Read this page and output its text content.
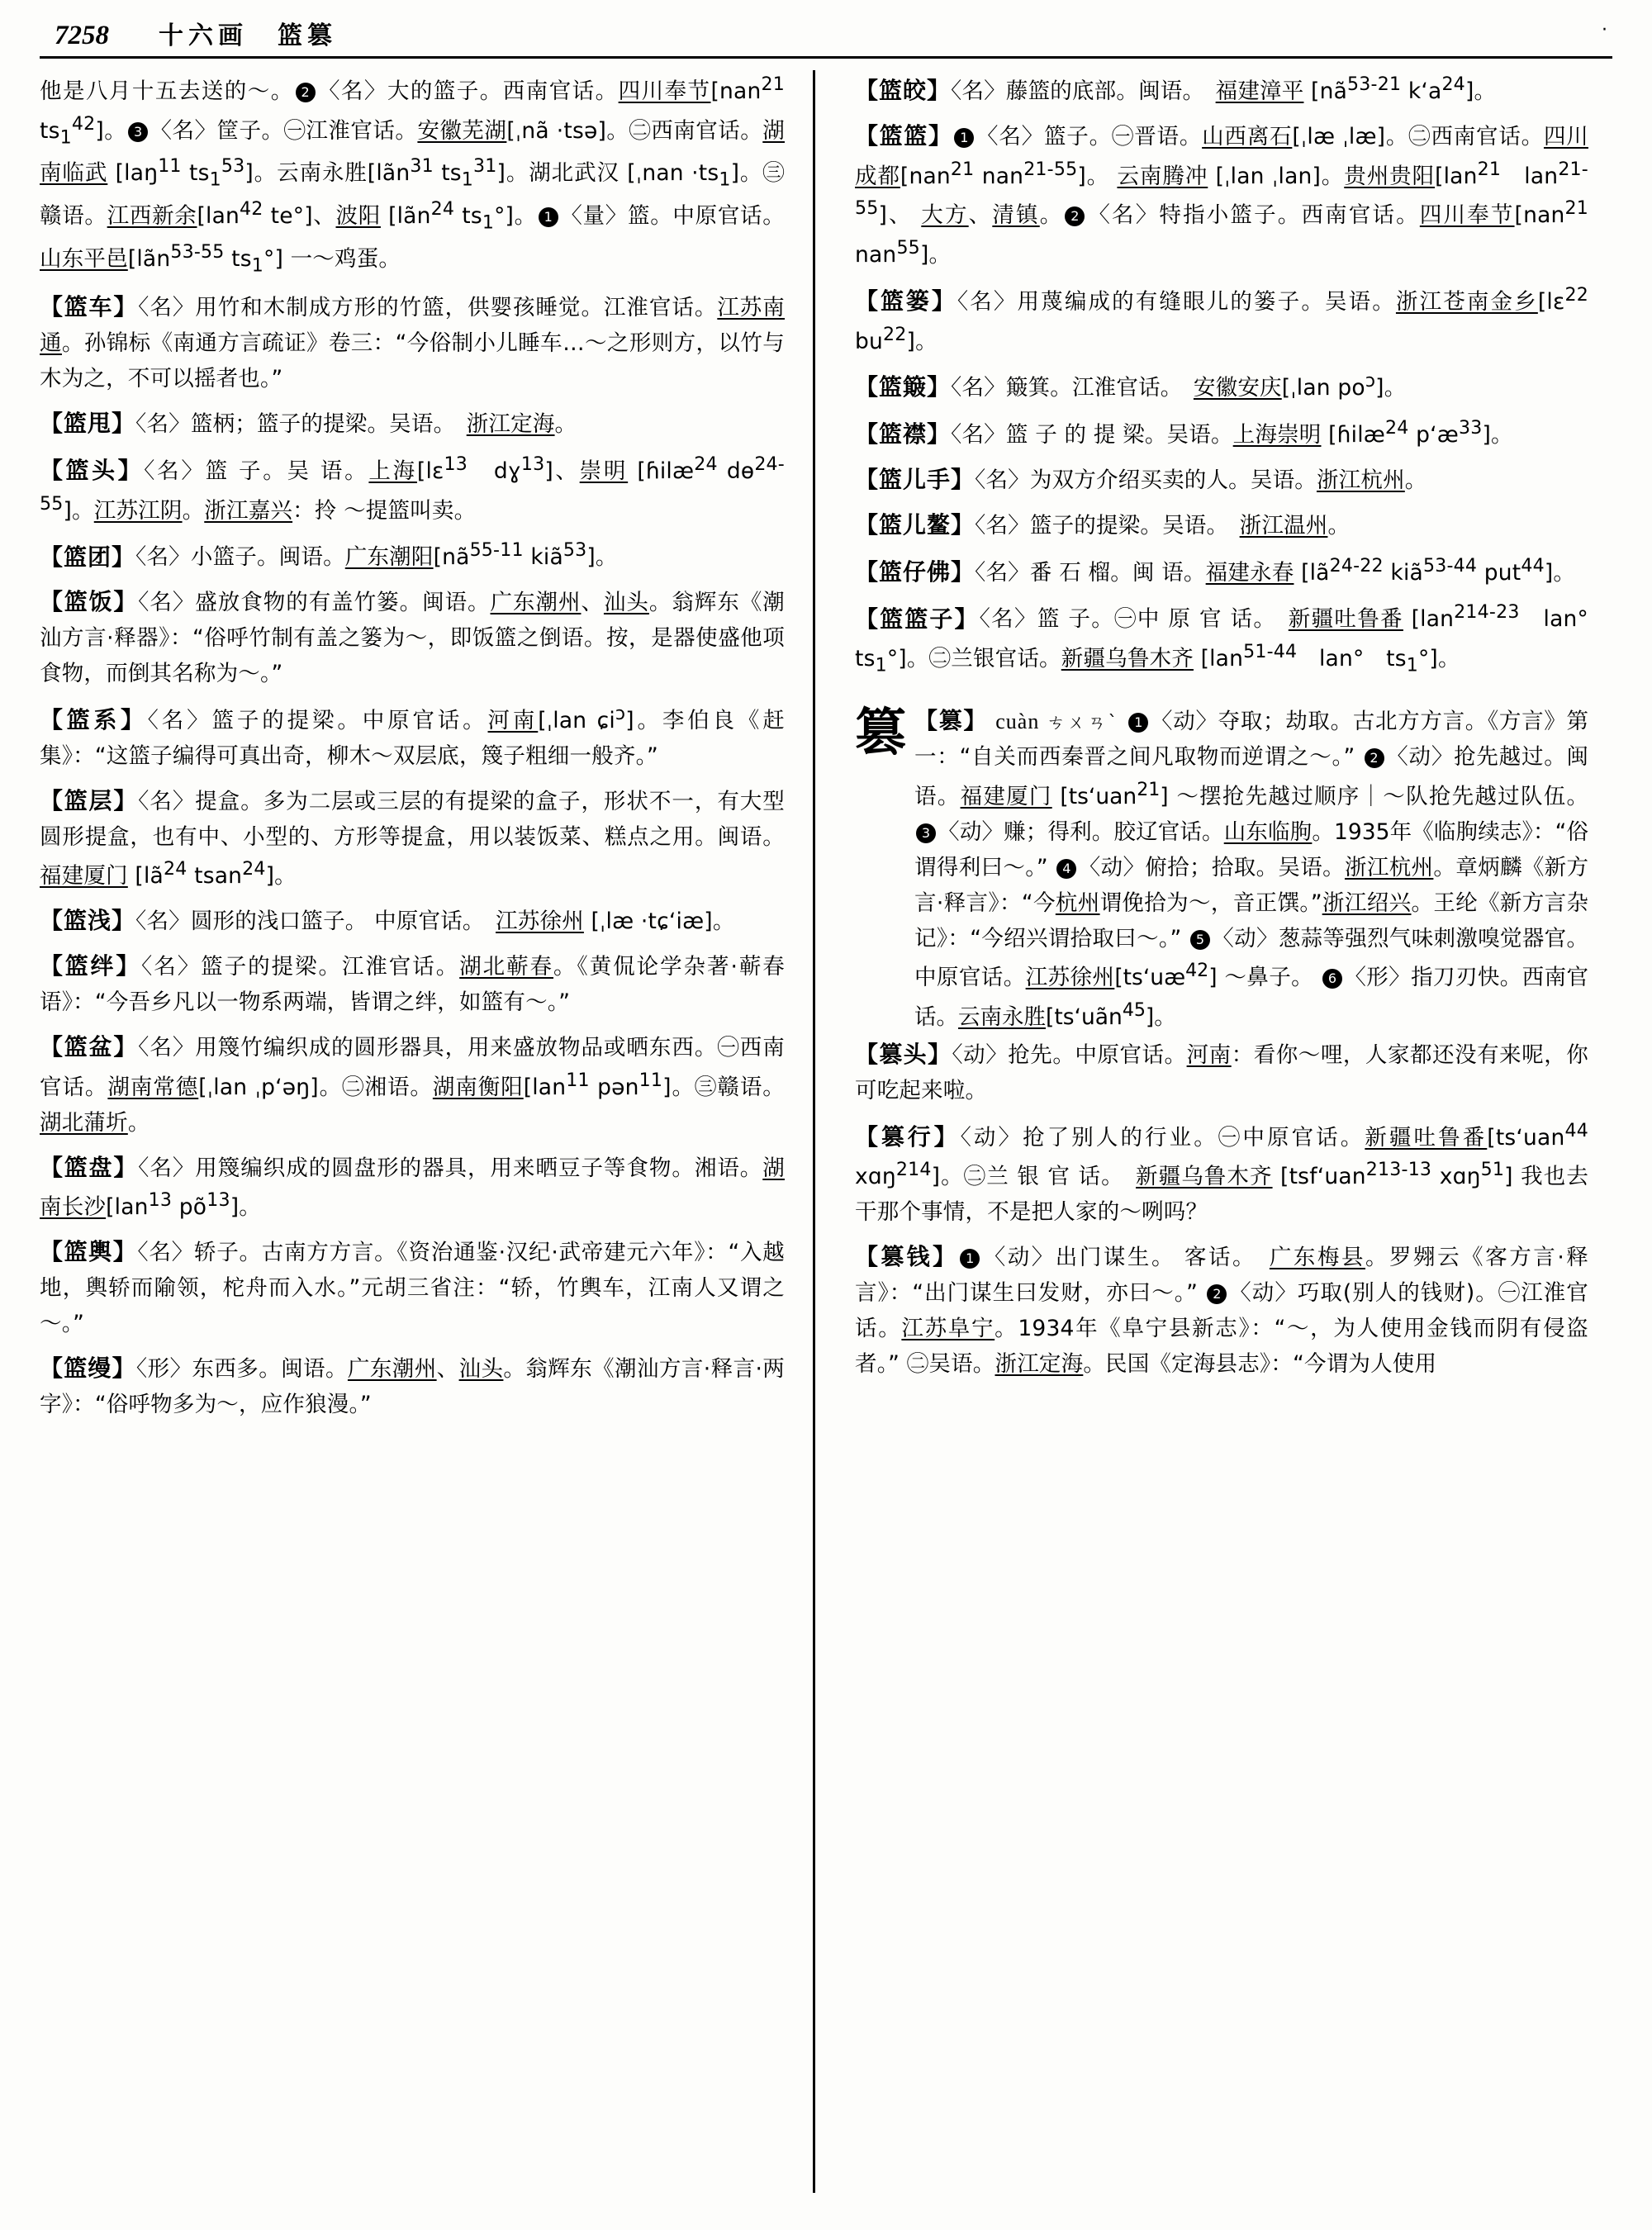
·
7258 十六画　篮篡
他是八月十五去送的～。 2 〈名〉大的篮子。西南官话。四川奉节[nan$^{21}$ $ts_1^{42}$]。 3 〈名〉筐子。㊀江淮官话。安徽芜湖[ˌnã ·tsə]。㊁西南官话。湖南临武 [laŋ$^{11}$ $ts_1^{53}$]。云南永胜[lãn$^{31}$ $ts_1^{31}$]。湖北武汉 [ˌnan $\cdot ts_1$]。㊂赣语。江西新余[lan$^{42}$ te°]、波阳 [lãn$^{24}$ $ts_1^\circ$]。 1 〈量〉篮。中原官话。山东平邑[lãn$^{53-55}$ $ts_1^\circ$] 一～鸡蛋。
【篮车】〈名〉用竹和木制成方形的竹篮，供婴孩睡觉。江淮官话。江苏南通。孙锦标《南通方言疏证》卷三：“今俗制小儿睡车…～之形则方，以竹与木为之，不可以摇者也。”
【篮甩】〈名〉篮柄；篮子的提梁。吴语。　浙江定海。
【篮头】〈名〉篮 子。吴 语。上海[lɛ$^{13}$　dɣ$^{13}$]、崇明 [ɦilæ$^{24}$ dɵ$^{24-55}$]。江苏江阴。浙江嘉兴：拎 ～提篮叫卖。
【篮团】〈名〉小篮子。闽语。广东潮阳[$nã^{55-11}$ kiã$^{53}$]。
【篮饭】〈名〉盛放食物的有盖竹篓。闽语。广东潮州、汕头。翁辉东《潮汕方言·释器》：“俗呼竹制有盖之篓为～，即饭篮之倒语。按，是器使盛他项食物，而倒其名称为～。”
【篮系】〈名〉篮子的提梁。中原官话。河南[ˌlan ɕi$^ɔ$]。李伯良《赶集》：“这篮子编得可真出奇，柳木～双层底，篾子粗细一般齐。”
【篮层】〈名〉提盒。多为二层或三层的有提梁的盒子，形状不一，有大型圆形提盒，也有中、小型的、方形等提盒，用以装饭菜、糕点之用。闽语。福建厦门 [$lã^{24}$ tsan$^{24}$]。
【篮浅】〈名〉圆形的浅口篮子。 中原官话。　江苏徐州 [ˌlæ ·tɕʻiæ]。
【篮绊】〈名〉篮子的提梁。江淮官话。湖北蕲春。《黄侃论学杂著·蕲春语》：“今吾乡凡以一物系两端，皆谓之绊，如篮有～。”
【篮盆】〈名〉用篾竹编织成的圆形器具，用来盛放物品或晒东西。㊀西南官话。湖南常德[ˌlan ˌpʻəŋ]。㊁湘语。湖南衡阳[lan$^{11}$ pən$^{11}$]。㊂赣语。湖北蒲圻。
【篮盘】〈名〉用篾编织成的圆盘形的器具，用来晒豆子等食物。湘语。湖南长沙[lan$^{13}$ $põ^{13}$]。
【篮輿】〈名〉轿子。古南方方言。《资治通鉴·汉纪·武帝建元六年》：“入越地，輿轿而隃领，柁舟而入水。”元胡三省注：“轿，竹輿车，江南人又谓之～。”
【篮缦】〈形〉东西多。闽语。广东潮州、汕头。翁辉东《潮汕方言·释言·两字》：“俗呼物多为～，应作狼漫。”
【篮皎】〈名〉藤篮的底部。闽语。　福建漳平 [$nã^{53-21}$ kʻa$^{24}$]。
【篮篮】 1 〈名〉篮子。㊀晋语。山西离石[ˌlæ ˌlæ]。㊁西南官话。四川成都[nan$^{21}$ nan$^{21-55}$]。 云南腾冲 [ˌlan ˌlan]。贵州贵阳[lan$^{21}$　lan$^{21-55}$]、 大方、清镇。 2 〈名〉特指小篮子。西南官话。四川奉节[nan$^{21}$ nan$^{55}$]。
【篮篓】〈名〉用蔑编成的有缝眼儿的篓子。吴语。浙江苍南金乡[lɛ$^{22}$ $bu^{22}$]。
【篮簸】〈名〉簸箕。江淮官话。　安徽安庆[ˌlan $po^ɔ$]。
【篮襟】〈名〉篮 子 的 提 梁。吴语。上海崇明 [ɦilæ$^{24}$ pʻæ$^{33}$]。
【篮儿手】〈名〉为双方介绍买卖的人。吴语。浙江杭州。
【篮儿鳌】〈名〉篮子的提梁。吴语。　浙江温州。
【篮仔佛】〈名〉番 石 榴。闽 语。福建永春 [$lã^{24-22}$ kiã$^{53-44}$ put$^{44}$]。
【篮篮子】〈名〉篮 子。㊀中 原 官 话。　新疆吐鲁番 [lan$^{214-23}$　lan°　$ts_1^\circ$]。㊁兰银官话。新疆乌鲁木齐 [lan$^{51-44}$　lan°　$ts_1^\circ$]。
篡 【篡】 cuàn ㄘㄨㄢˋ 1 〈动〉夺取；劫取。古北方方言。《方言》第一：“自关而西秦晋之间凡取物而逆谓之～。” 2 〈动〉抢先越过。闽语。福建厦门 [tsʻuan$^{21}$] ～摆抢先越过顺序｜～队抢先越过队伍。 3 〈动〉赚；得利。胶辽官话。山东临朐。1935年《临朐续志》：“俗谓得利曰～。” 4 〈动〉俯拾；拾取。吴语。浙江杭州。章炳麟《新方言·释言》：“今杭州谓俛拾为～，音正馔。”浙江绍兴。王纶《新方言杂记》：“今绍兴谓拾取曰～。” 5 〈动〉葱蒜等强烈气味刺激嗅觉器官。中原官话。江苏徐州[tsʻuæ$^{42}$] ～鼻子。 6 〈形〉指刀刃快。西南官话。云南永胜[tsʻuãn$^{45}$]。
【篡头】〈动〉抢先。中原官话。河南：看你～哩，人家都还没有来呢，你可吃起来啦。
【篡行】〈动〉抢了别人的行业。㊀中原官话。新疆吐鲁番[tsʻuan$^{44}$ xɑŋ$^{214}$]。㊁兰 银 官 话。　新疆乌鲁木齐 [tsfʻuan$^{213-13}$ xɑŋ$^{51}$] 我也去干那个事情，不是把人家的～咧吗？
【篡钱】 1 〈动〉出门谋生。 客话。　广东梅县。罗翙云《客方言·释言》：“出门谋生曰发财，亦曰～。” 2 〈动〉巧取(别人的钱财)。㊀江淮官话。江苏阜宁。1934年《阜宁县新志》：“～，为人使用金钱而阴有侵盗者。” ㊁吴语。浙江定海。民国《定海县志》：“今谓为人使用
